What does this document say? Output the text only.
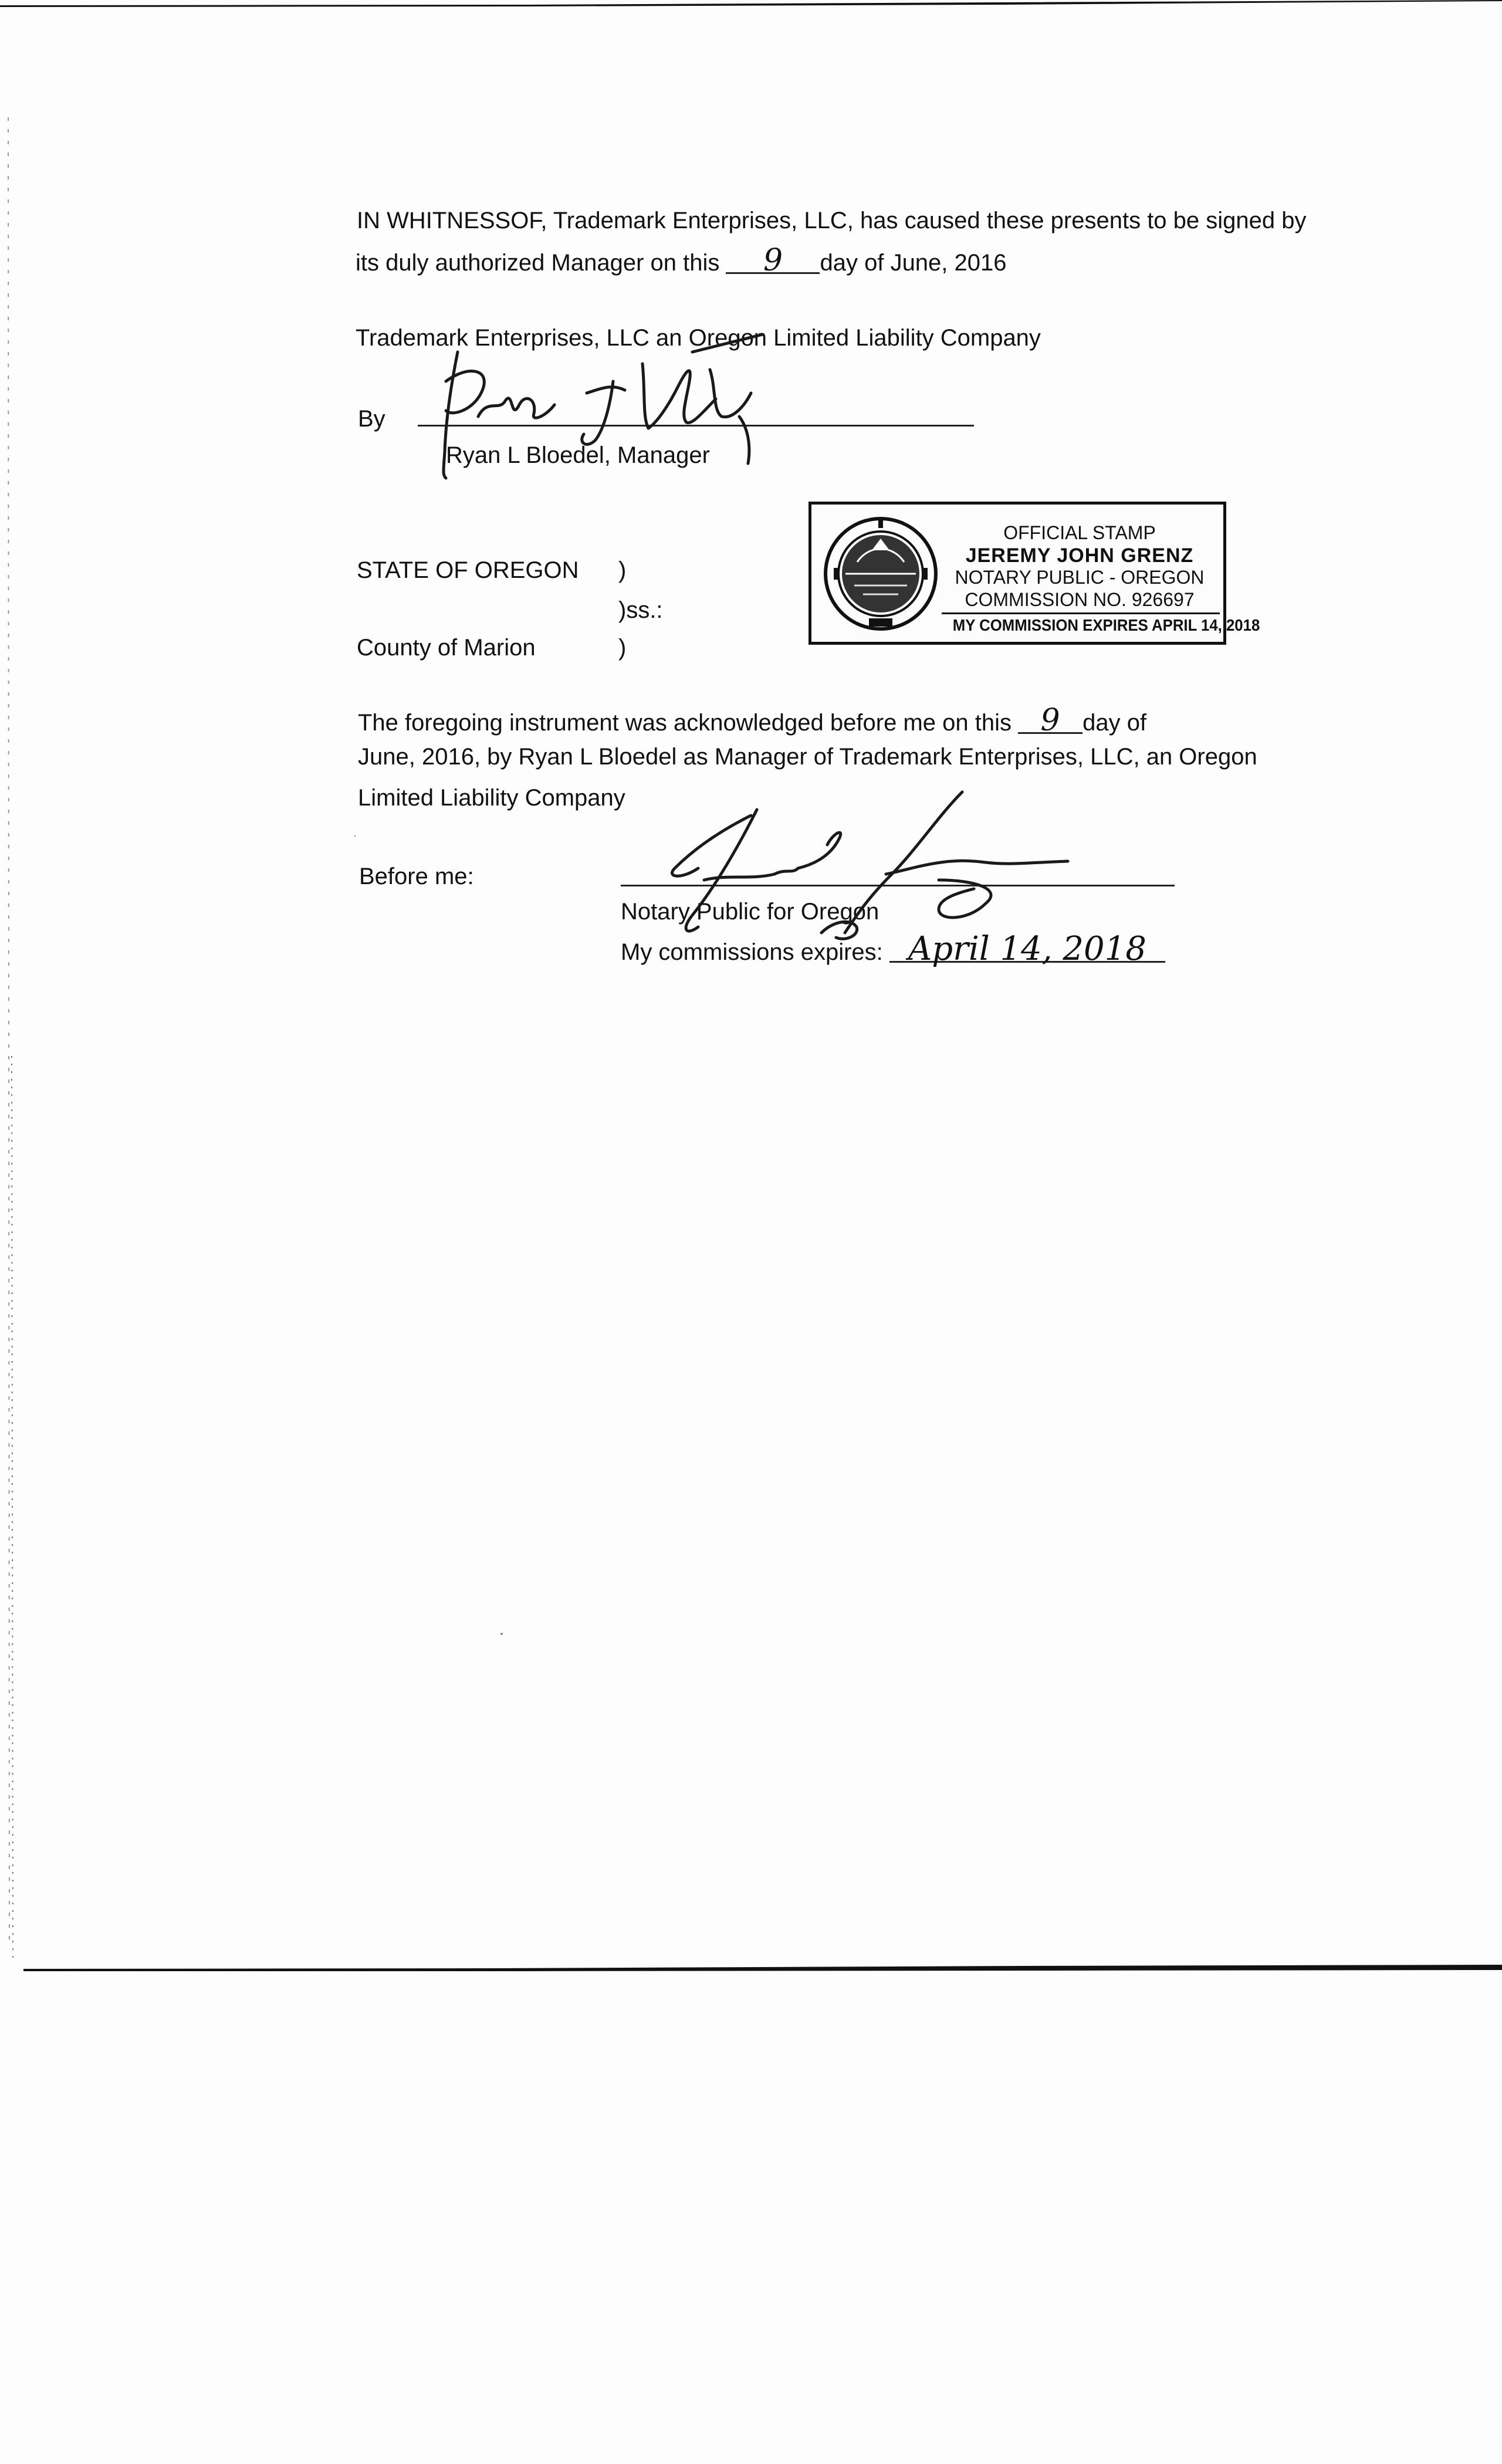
IN WHITNESSOF, Trademark Enterprises, LLC, has caused these presents to be signed by
its duly authorized Manager on this 9 day of June, 2016
Trademark Enterprises, LLC an Oregon Limited Liability Company
By
Ryan L Bloedel, Manager
STATE OF OREGON )
)ss.:
County of Marion	)
OFFICIAL STAMP
JEREMY JOHN GRENZ
NOTARY PUBLIC - OREGON
COMMISSION NO. 926697
MY COMMISSION EXPIRES APRIL 14, 2018
The foregoing instrument was acknowledged before me on this 9 day of
June, 2016, by Ryan L Bloedel as Manager of Trademark Enterprises, LLC, an Oregon
Limited Liability Company
Before me:
Notary Public for Oregon
My commissions expires: April 14, 2018
